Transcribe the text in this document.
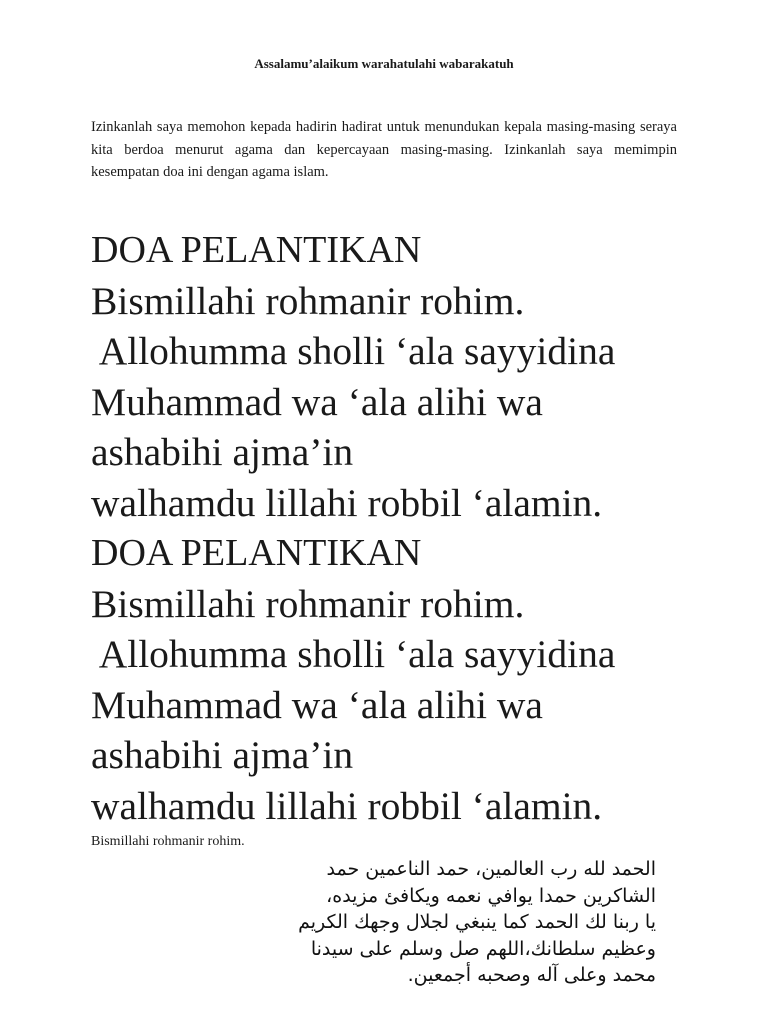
Assalamu’alaikum warahatulahi wabarakatuh
Izinkanlah saya memohon kepada hadirin hadirat untuk menundukan kepala masing-masing seraya kita berdoa menurut agama dan kepercayaan masing-masing. Izinkanlah saya memimpin kesempatan doa ini dengan agama islam.
DOA PELANTIKAN
Bismillahi rohmanir rohim.
Allohumma sholli ‘ala sayyidina
Muhammad wa ‘ala alihi wa
ashabihi ajma’in
walhamdu lillahi robbil ‘alamin.
DOA PELANTIKAN
Bismillahi rohmanir rohim.
Allohumma sholli ‘ala sayyidina
Muhammad wa ‘ala alihi wa
ashabihi ajma’in
walhamdu lillahi robbil ‘alamin.
Bismillahi rohmanir rohim.
الحمد لله رب العالمين، حمد الناعمين حمد
الشاكرين حمدا يوافي نعمه ويكافئ مزيده،
يا ربنا لك الحمد كما ينبغي لجلال وجهك الكريم
وعظيم سلطانك،اللهم صل وسلم على سيدنا
محمد وعلى آله وصحبه أجمعين.
